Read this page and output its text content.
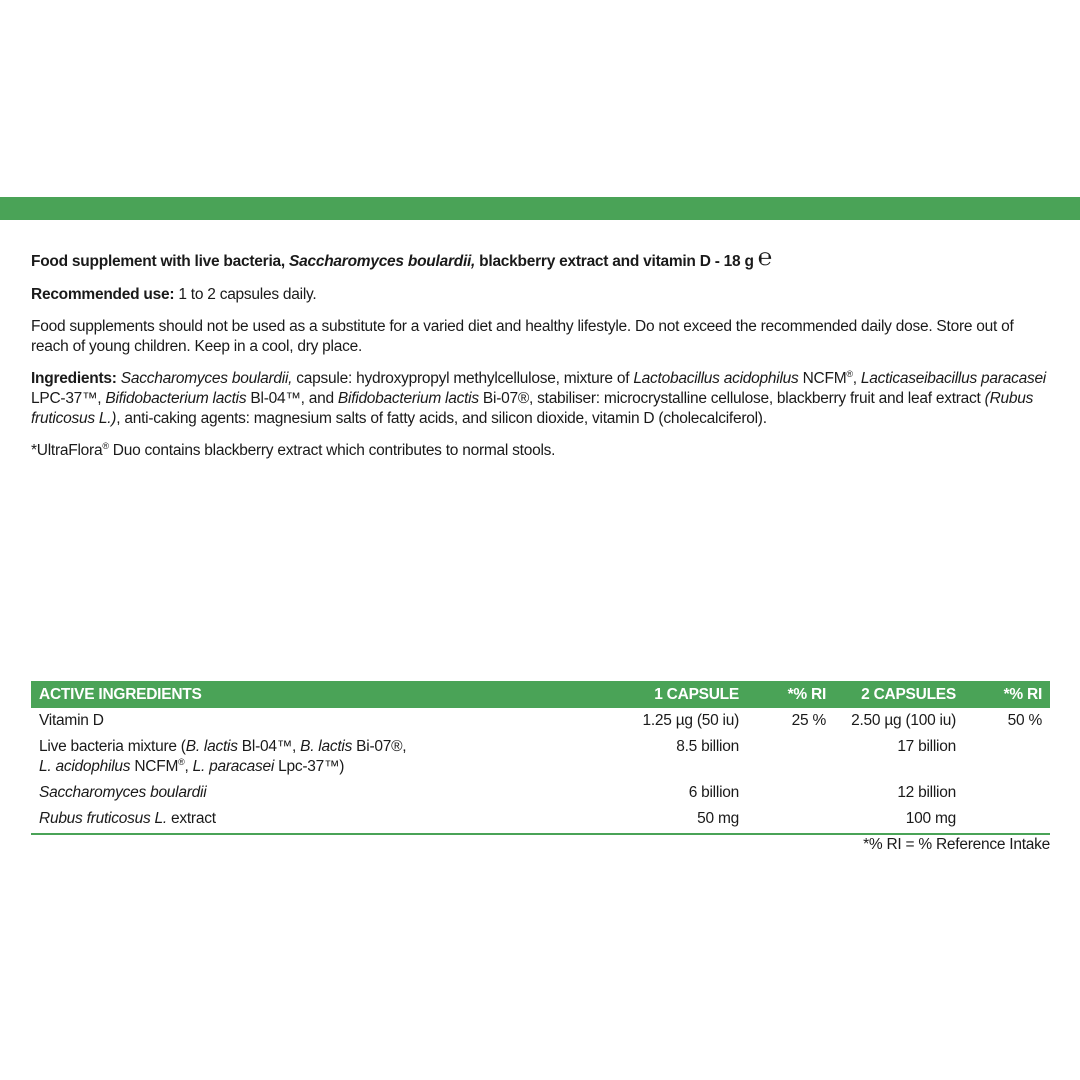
Food supplement with live bacteria, Saccharomyces boulardii, blackberry extract and vitamin D - 18 g ℮

Recommended use: 1 to 2 capsules daily.

Food supplements should not be used as a substitute for a varied diet and healthy lifestyle. Do not exceed the recommended daily dose. Store out of reach of young children. Keep in a cool, dry place.

Ingredients: Saccharomyces boulardii, capsule: hydroxypropyl methylcellulose, mixture of Lactobacillus acidophilus NCFM®, Lacticaseibacillus paracasei LPC-37™, Bifidobacterium lactis Bl-04™, and Bifidobacterium lactis Bi-07®, stabiliser: microcrystalline cellulose, blackberry fruit and leaf extract (Rubus fruticosus L.), anti-caking agents: magnesium salts of fatty acids, and silicon dioxide, vitamin D (cholecalciferol).

*UltraFlora® Duo contains blackberry extract which contributes to normal stools.

ACTIVE INGREDIENTS	1 CAPSULE	*% RI	2 CAPSULES	*% RI
Vitamin D	1.25 µg (50 iu)	25 %	2.50 µg (100 iu)	50 %
Live bacteria mixture (B. lactis Bl-04™, B. lactis Bi-07®,
L. acidophilus NCFM®, L. paracasei Lpc-37™)	8.5 billion		17 billion	
Saccharomyces boulardii	6 billion		12 billion	
Rubus fruticosus L. extract	50 mg		100 mg	
*% RI = % Reference Intake
